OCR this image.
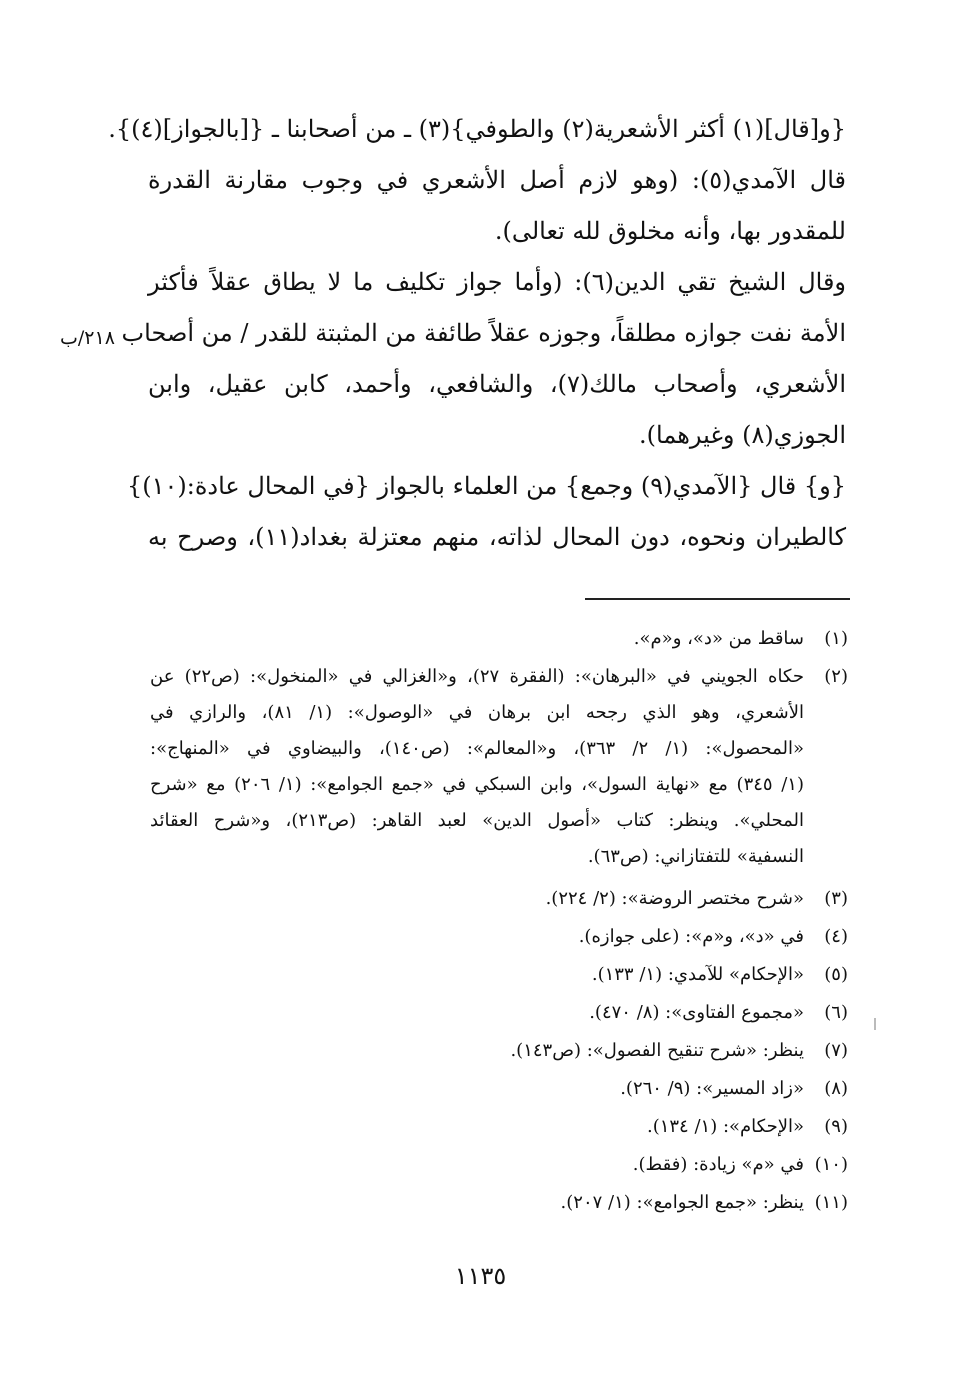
{و[قال](١) أكثر الأشعرية(٢) والطوفي}(٣) ـ من أصحابنا ـ {[بالجواز](٤)}.
قال الآمدي(٥): (وهو لازم أصل الأشعري في وجوب مقارنة القدرة
للمقدور بها، وأنه مخلوق لله تعالى).
وقال الشيخ تقي الدين(٦): (وأما جواز تكليف ما لا يطاق عقلاً فأكثر
الأمة نفت جوازه مطلقاً، وجوزه عقلاً طائفة من المثبتة للقدر / من أصحاب
الأشعري، وأصحاب مالك(٧)، والشافعي، وأحمد، كابن عقيل، وابن
الجوزي(٨) وغيرهما).
{و} قال {الآمدي(٩) وجمع} من العلماء بالجواز {في المحال عادة:(١٠)}
كالطيران ونحوه، دون المحال لذاته، منهم معتزلة بغداد(١١)، وصرح به
٢١٨/ب
(١)
ساقط من «د»، و«م».
(٢)
حكاه الجويني في «البرهان»: (الفقرة ٢٧)، و«الغزالي في «المنخول»: (ص٢٢) عن
الأشعري، وهو الذي رجحه ابن برهان في «الوصول»: (١/ ٨١)، والرازي في
«المحصول»: (١/ ٢/ ٣٦٣)، و«المعالم»: (ص١٤٠)، والبيضاوي في «المنهاج»:
(١/ ٣٤٥) مع «نهاية السول»، وابن السبكي في «جمع الجوامع»: (١/ ٢٠٦) مع «شرح
المحلي». وينظر: كتاب «أصول الدين» لعبد القاهر: (ص٢١٣)، و«شرح العقائد
النسفية» للتفتازاني: (ص٦٣).
(٣)
«شرح مختصر الروضة»: (٢/ ٢٢٤).
(٤)
في «د»، و«م»: (على جوازه).
(٥)
«الإحكام» للآمدي: (١/ ١٣٣).
(٦)
«مجموع الفتاوى»: (٨/ ٤٧٠).
(٧)
ينظر: «شرح تنقيح الفصول»: (ص١٤٣).
(٨)
«زاد المسير»: (٩/ ٢٦٠).
(٩)
«الإحكام»: (١/ ١٣٤).
(١٠)
في «م» زيادة: (فقط).
(١١)
ينظر: «جمع الجوامع»: (١/ ٢٠٧).
١١٣٥
